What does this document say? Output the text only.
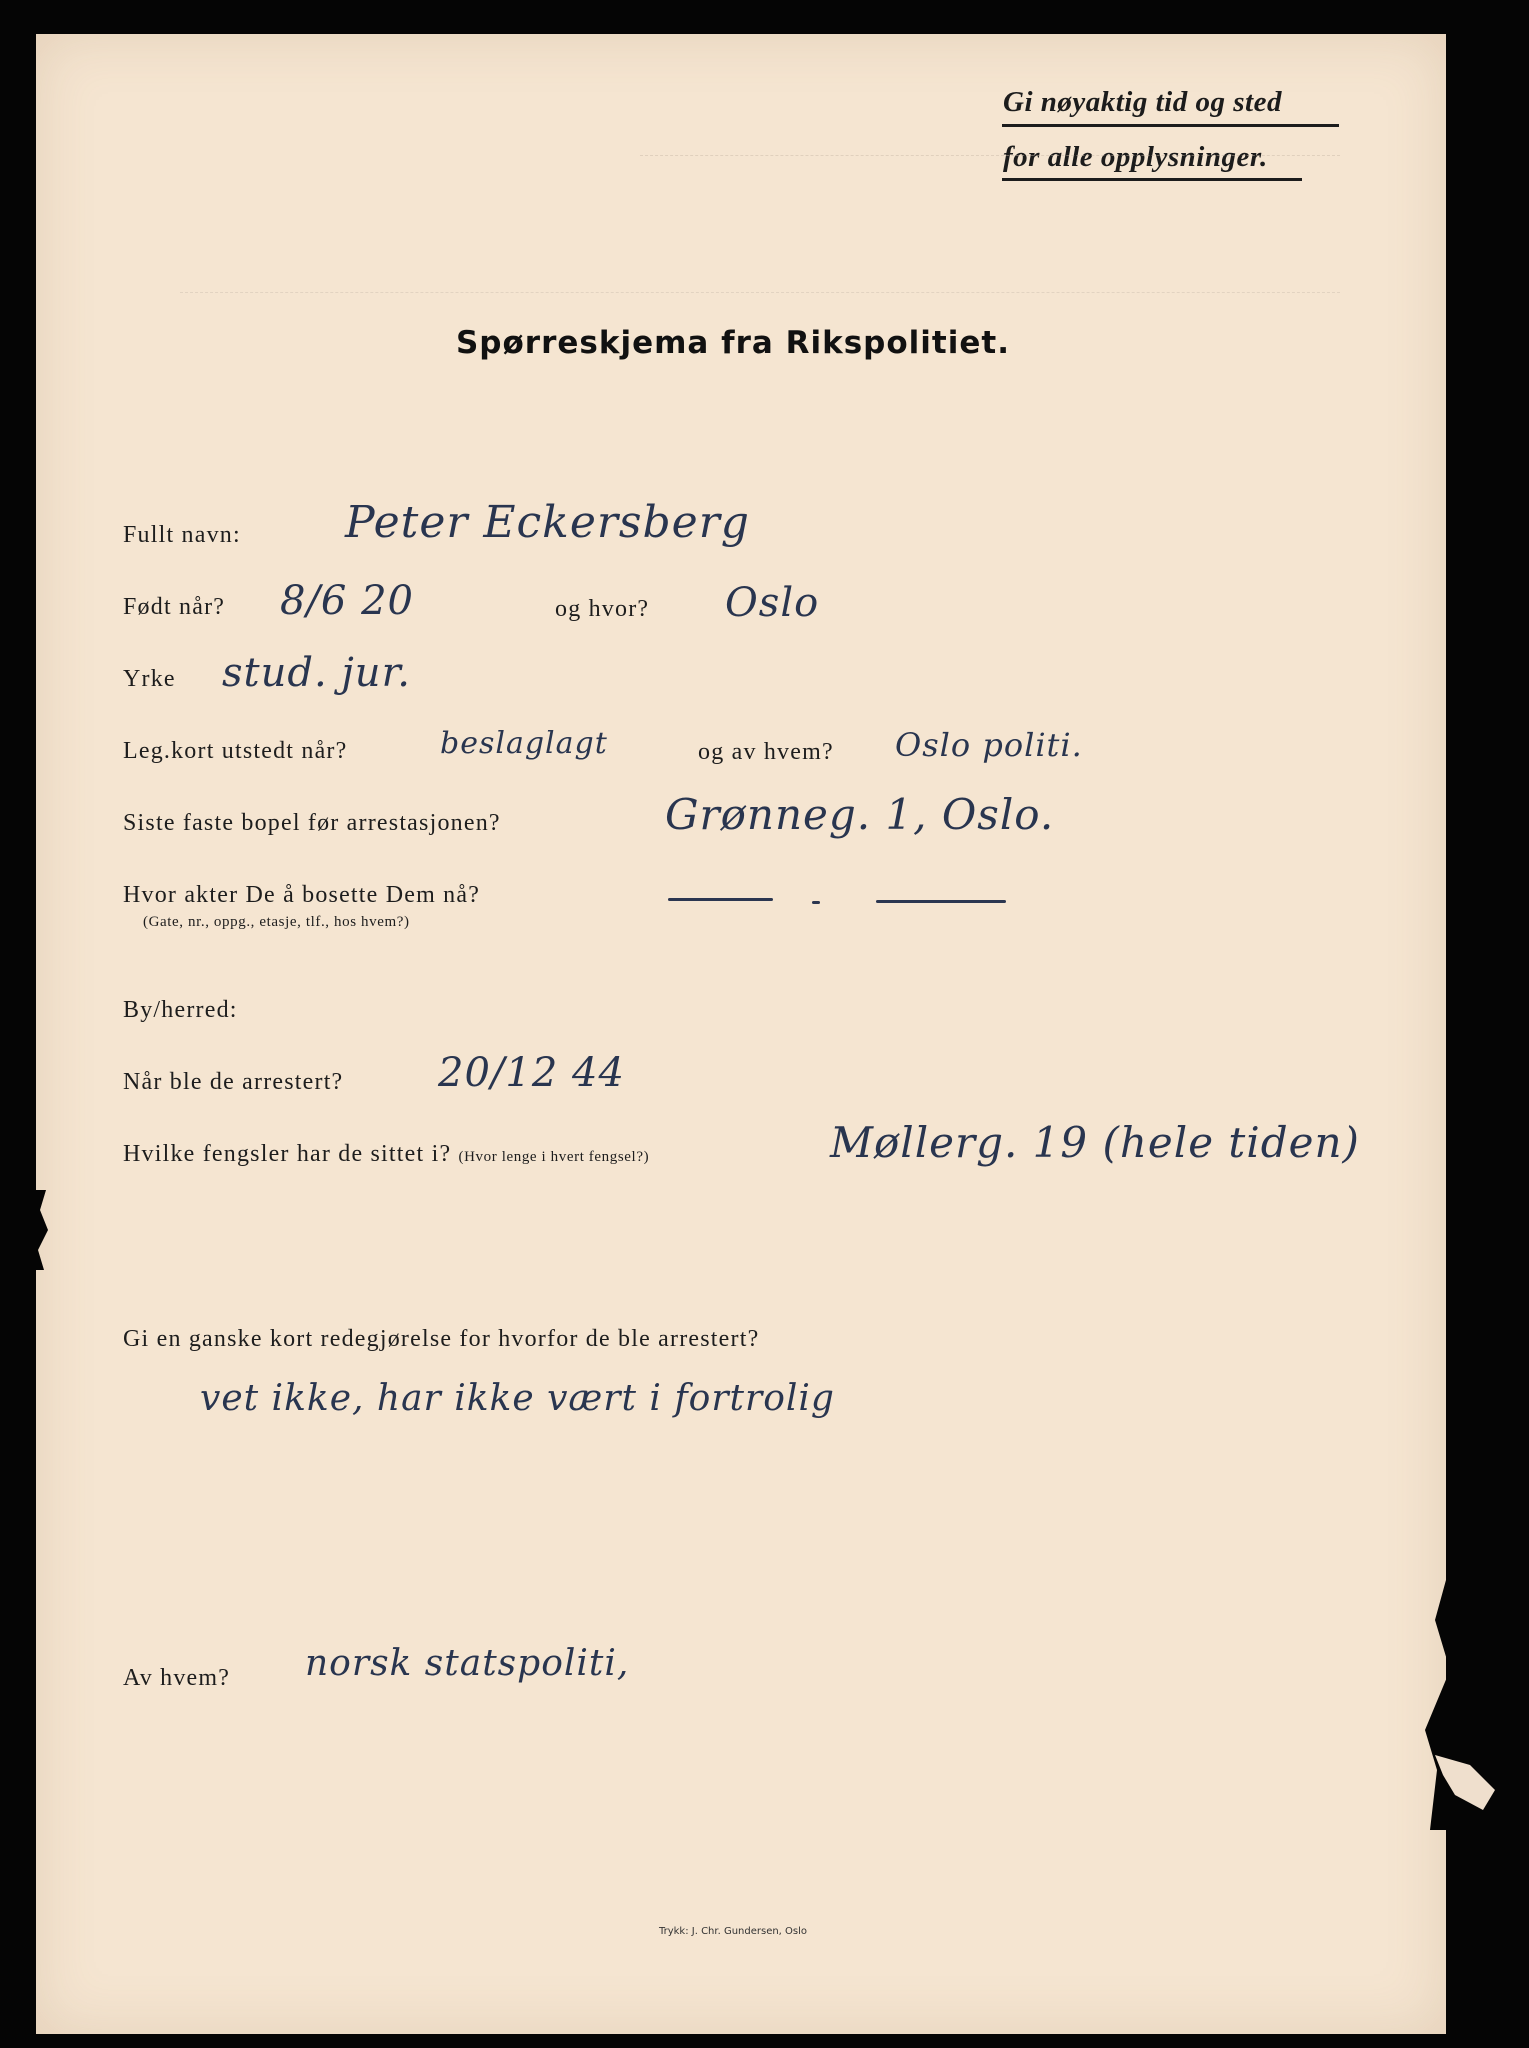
Gi nøyaktig tid og sted
for alle opplysninger.
Spørreskjema fra Rikspolitiet.
Fullt navn: Peter Eckersberg
Født når? 8/6 20	og hvor? Oslo
Yrke stud. jur.
Leg.kort utstedt når?	beslaglagt	og av hvem? Oslo politi.
Siste faste bopel før arrestasjonen?	Grønneg. 1, Oslo.
Hvor akter De å bosette Dem nå?
(Gate, nr., oppg., etasje, tlf., hos hvem?)
By/herred:
Når ble de arrestert? 20/12 44
Hvilke fengsler har de sittet i? (Hvor lenge i hvert fengsel?)	Møllerg. 19 (hele tiden)
Gi en ganske kort redegjørelse for hvorfor de ble arrestert?
vet ikke, har ikke vært i fortrolig
Av hvem? norsk statspoliti,
Trykk: J. Chr. Gundersen, Oslo
